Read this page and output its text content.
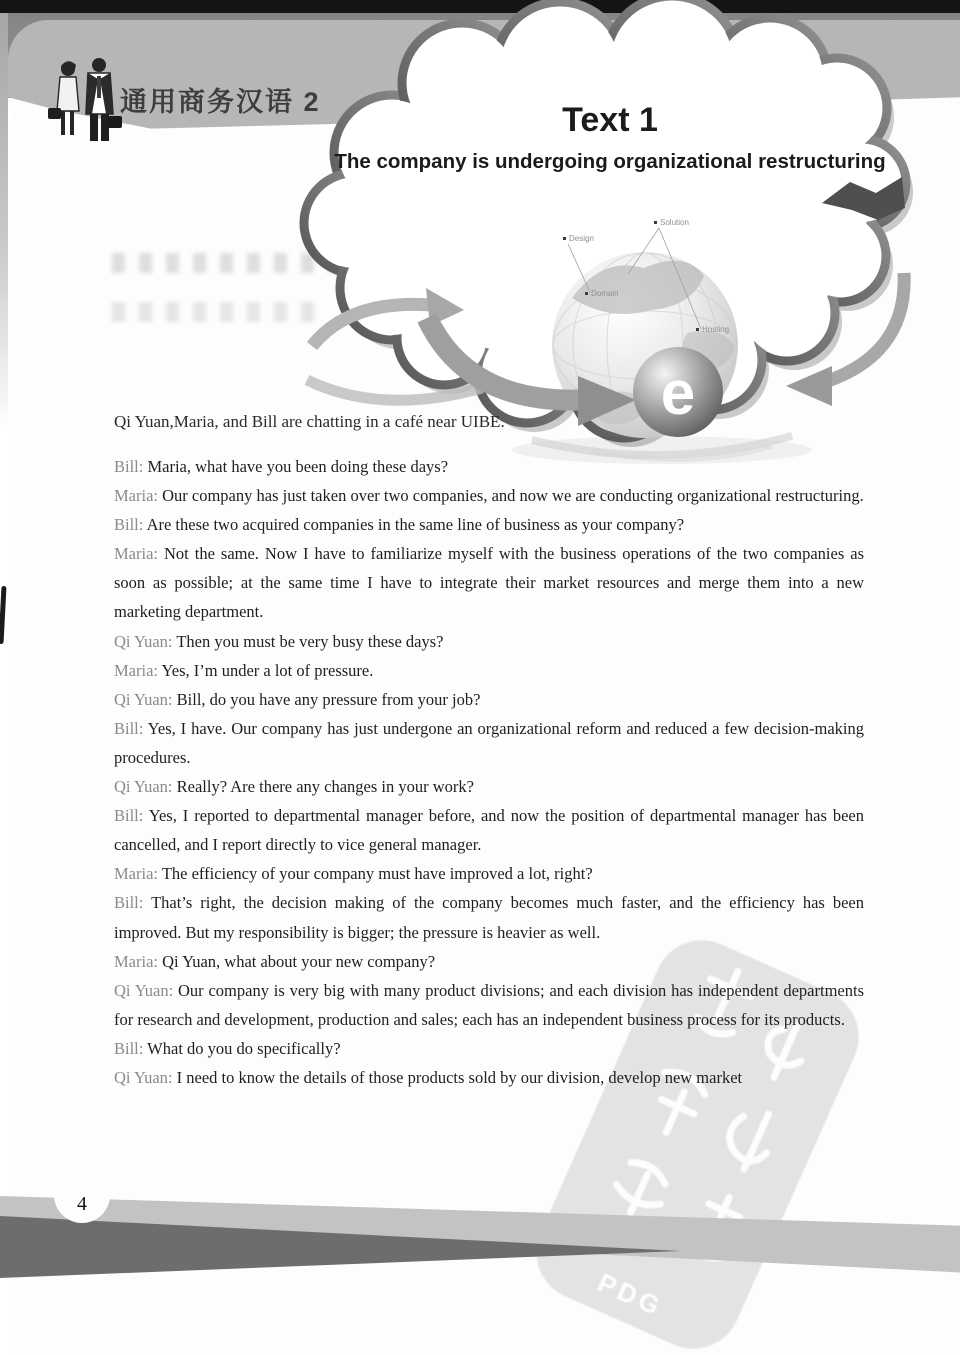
通用商务汉语 2
e
Text 1
The company is undergoing organizational restructuring
Design
Solution
Domain
Hosting

Qi Yuan,Maria, and Bill are chatting in a café near UIBE.

Bill: Maria, what have you been doing these days?

Maria: Our company has just taken over two companies, and now we are conducting organizational restructuring.

Bill: Are these two acquired companies in the same line of business as your company?

Maria: Not the same. Now I have to familiarize myself with the business operations of the two companies as soon as possible; at the same time I have to integrate their market resources and merge them into a new marketing department.

Qi Yuan: Then you must be very busy these days?

Maria: Yes, I’m under a lot of pressure.

Qi Yuan: Bill, do you have any pressure from your job?

Bill: Yes, I have. Our company has just undergone an organizational reform and reduced a few decision-making procedures.

Qi Yuan: Really? Are there any changes in your work?

Bill: Yes, I reported to departmental manager before, and now the position of departmental manager has been cancelled, and I report directly to vice general manager.

Maria: The efficiency of your company must have improved a lot, right?

Bill: That’s right, the decision making of the company becomes much faster, and the efficiency has been improved. But my responsibility is bigger; the pressure is heavier as well.

Maria: Qi Yuan, what about your new company?

Qi Yuan: Our company is very big with many product divisions; and each division has independent departments for research and development, production and sales; each has an independent business process for its products.

Bill: What do you do specifically?

Qi Yuan: I need to know the details of those products sold by our division, develop new market

PDG
4
